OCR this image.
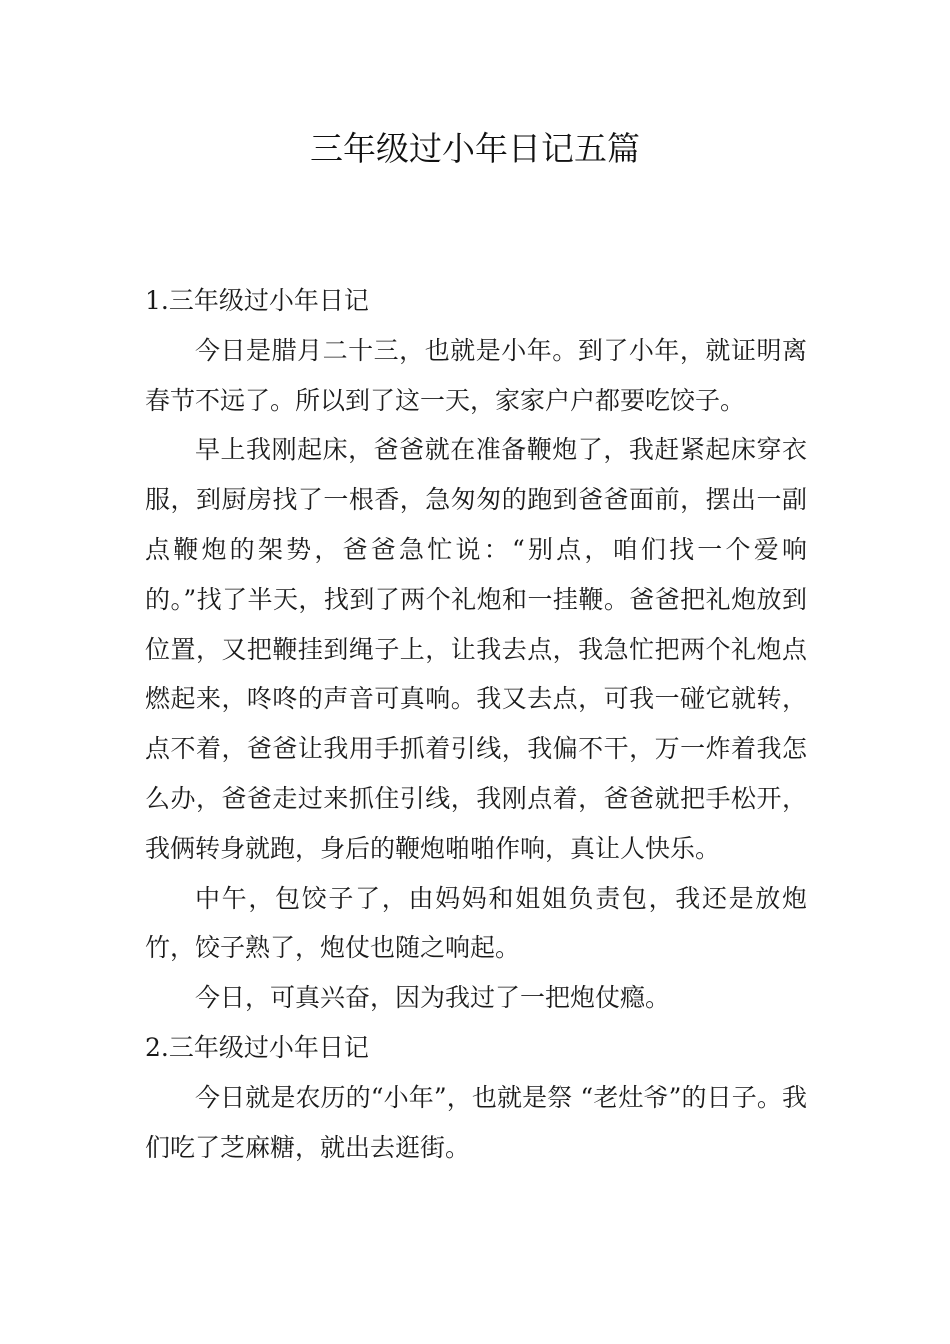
三年级过小年日记五篇
1.三年级过小年日记

今日是腊月二十三，也就是小年。到了小年，就证明离春节不远了。所以到了这一天，家家户户都要吃饺子。

早上我刚起床，爸爸就在准备鞭炮了，我赶紧起床穿衣服，到厨房找了一根香，急匆匆的跑到爸爸面前，摆出一副点鞭炮的架势，爸爸急忙说：“别点，咱们找一个爱响的。”找了半天，找到了两个礼炮和一挂鞭。爸爸把礼炮放到位置，又把鞭挂到绳子上，让我去点，我急忙把两个礼炮点燃起来，咚咚的声音可真响。我又去点，可我一碰它就转，点不着，爸爸让我用手抓着引线，我偏不干，万一炸着我怎么办，爸爸走过来抓住引线，我刚点着，爸爸就把手松开，我俩转身就跑，身后的鞭炮啪啪作响，真让人快乐。

中午，包饺子了，由妈妈和姐姐负责包，我还是放炮竹，饺子熟了，炮仗也随之响起。

今日，可真兴奋，因为我过了一把炮仗瘾。

2.三年级过小年日记

今日就是农历的“小年”，也就是祭 “老灶爷”的日子。我们吃了芝麻糖，就出去逛街。
